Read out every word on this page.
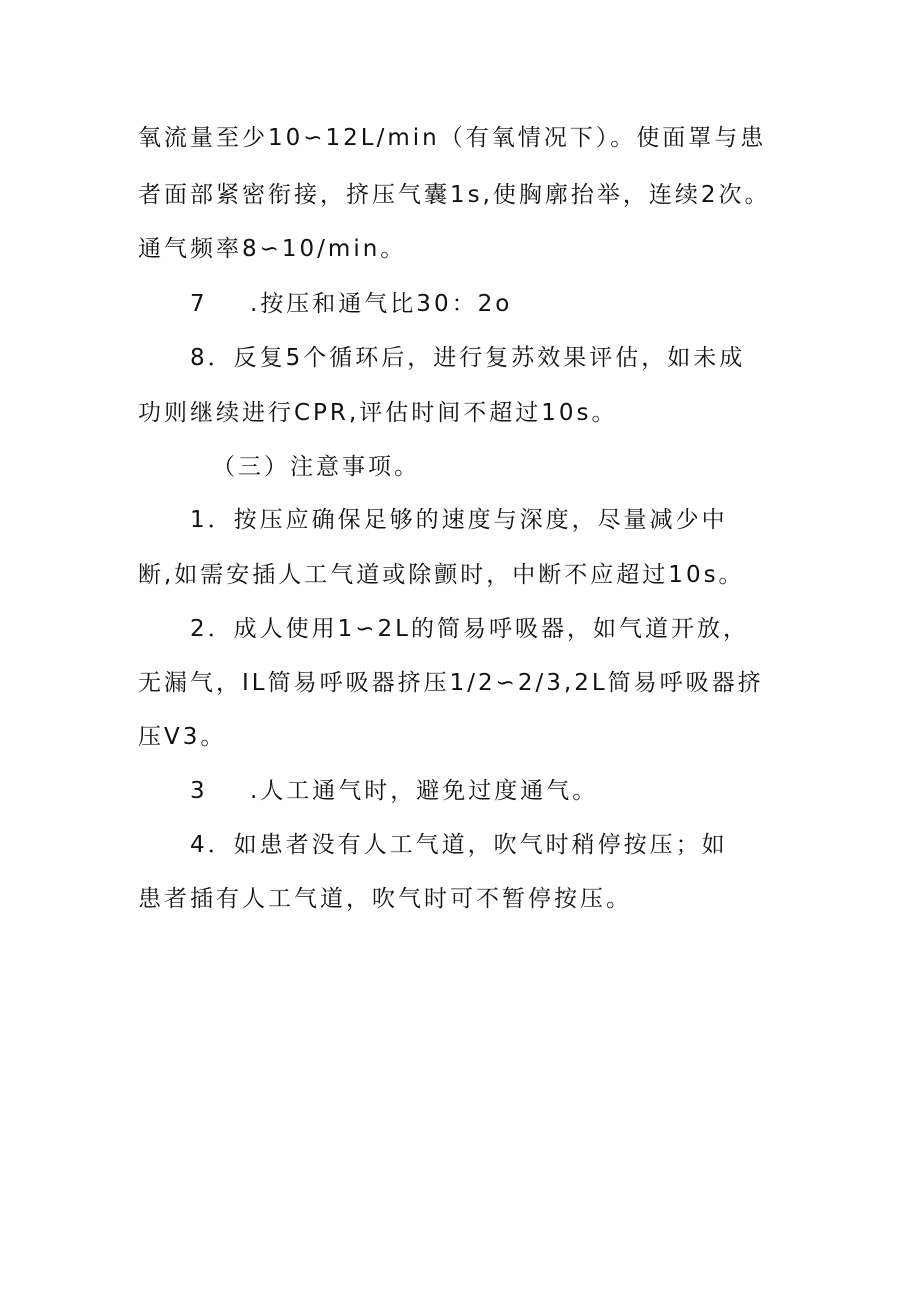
氧流量至少10∽12L/min（有氧情况下）。使面罩与患
者面部紧密衔接，挤压气囊1s,使胸廓抬举，连续2次。
通气频率8∽10/min。
7 .按压和通气比30：2o
8．反复5个循环后，进行复苏效果评估，如未成
功则继续进行CPR,评估时间不超过10s。
（三）注意事项。
1．按压应确保足够的速度与深度，尽量减少中
断,如需安插人工气道或除颤时，中断不应超过10s。
2．成人使用1∽2L的简易呼吸器，如气道开放，
无漏气，IL简易呼吸器挤压1/2∽2/3,2L简易呼吸器挤
压V3。
3 .人工通气时，避免过度通气。
4．如患者没有人工气道，吹气时稍停按压；如
患者插有人工气道，吹气时可不暂停按压。
